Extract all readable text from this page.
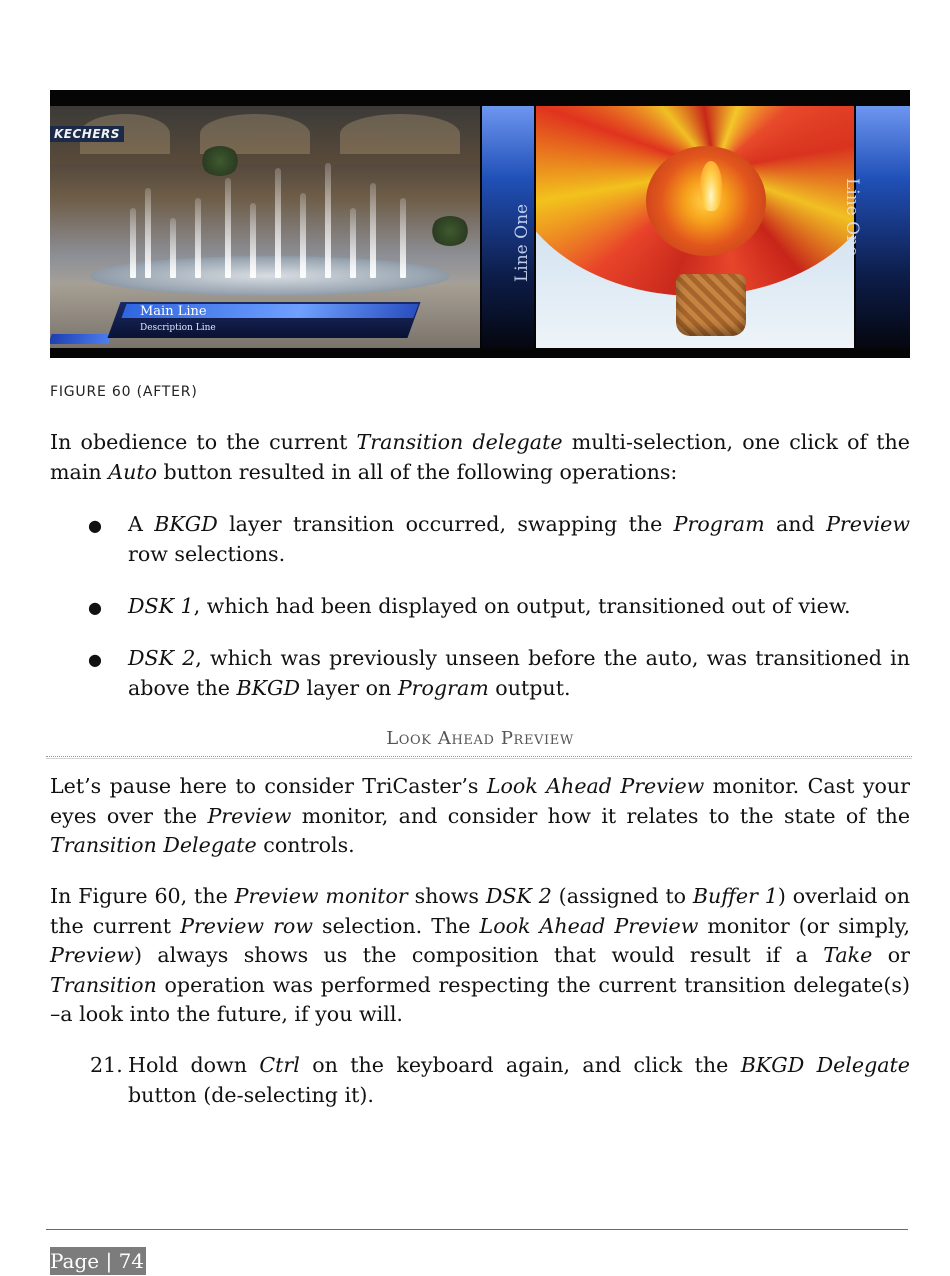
KECHERS
Main Line
Description Line
Line One	Line One
FIGURE 60 (AFTER)

In obedience to the current Transition delegate multi-selection, one click of the main Auto button resulted in all of the following operations:

● A BKGD layer transition occurred, swapping the Program and Preview row selections.

● DSK 1, which had been displayed on output, transitioned out of view.

● DSK 2, which was previously unseen before the auto, was transitioned in above the BKGD layer on Program output.

Look Ahead Preview

Let’s pause here to consider TriCaster’s Look Ahead Preview monitor. Cast your eyes over the Preview monitor, and consider how it relates to the state of the Transition Delegate controls.

In Figure 60, the Preview monitor shows DSK 2 (assigned to Buffer 1) overlaid on the current Preview row selection. The Look Ahead Preview monitor (or simply, Preview) always shows us the composition that would result if a Take or Transition operation was performed respecting the current transition delegate(s) –a look into the future, if you will.

21. Hold down Ctrl on the keyboard again, and click the BKGD Delegate button (de-selecting it).

Page | 74
